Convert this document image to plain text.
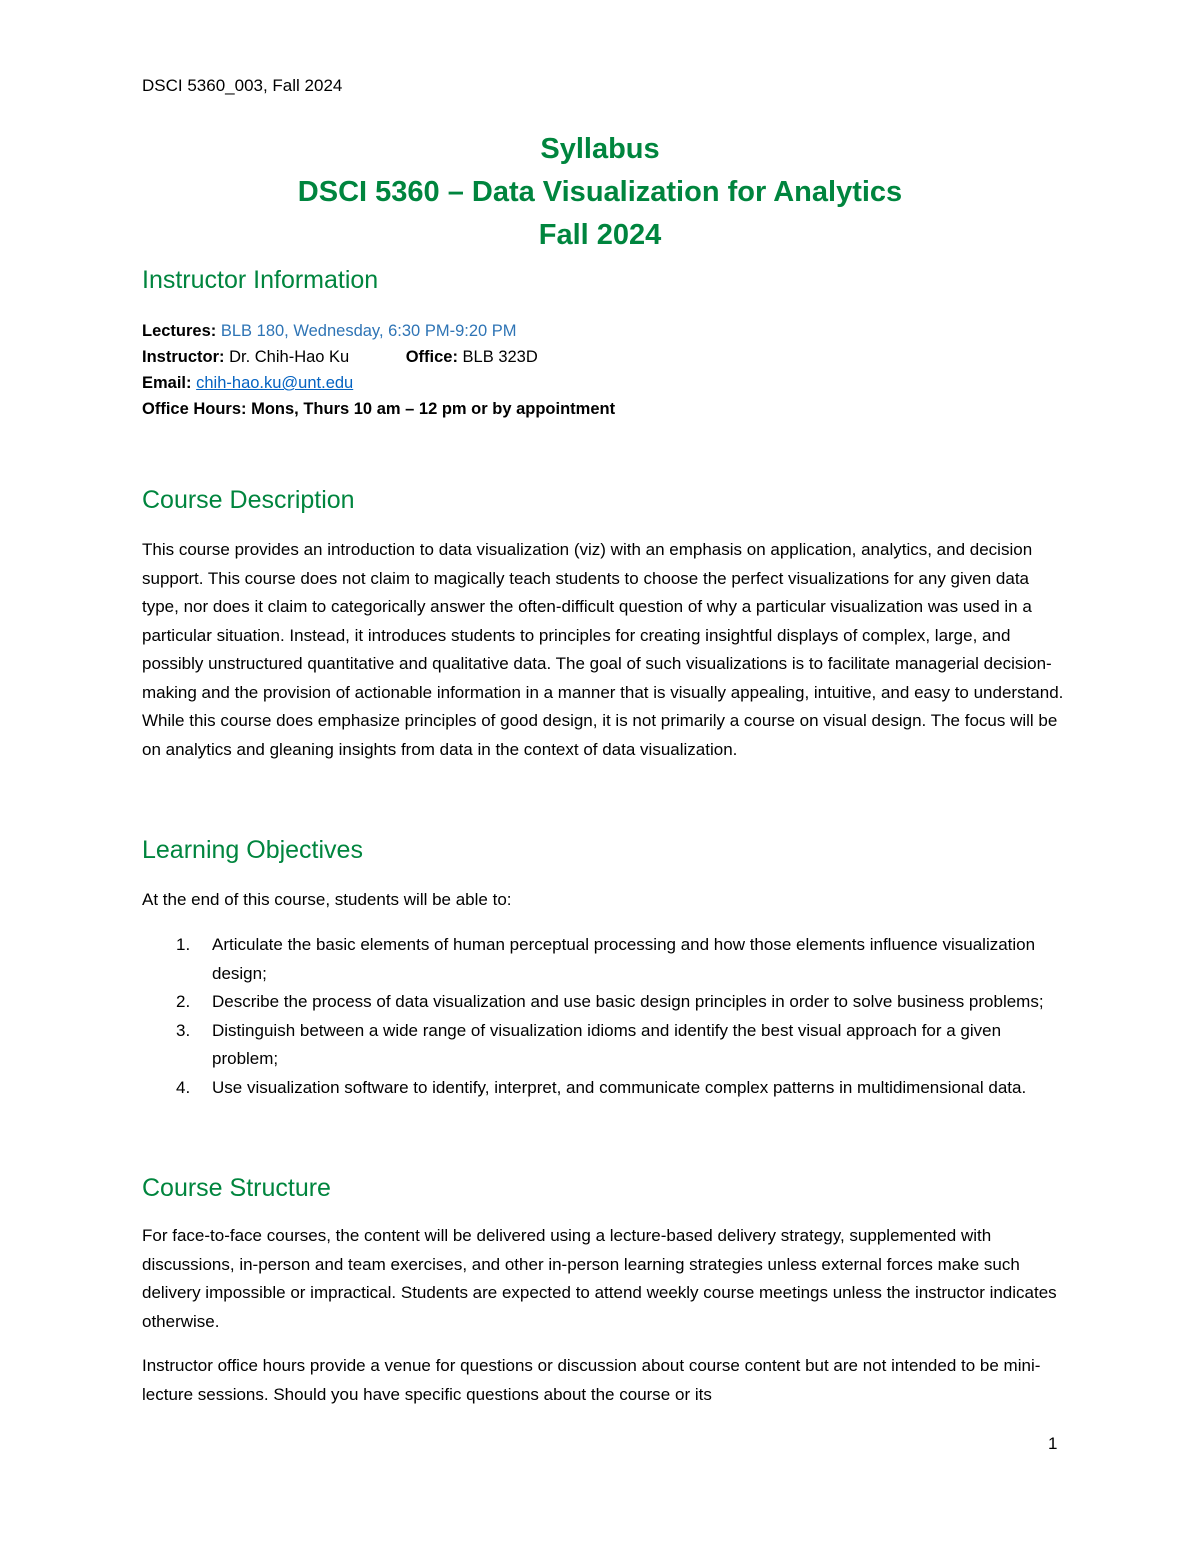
DSCI 5360_003, Fall 2024
Syllabus
DSCI 5360 – Data Visualization for Analytics
Fall 2024
Instructor Information
Lectures: BLB 180, Wednesday, 6:30 PM-9:20 PM
Instructor: Dr. Chih-Hao Ku	Office: BLB 323D
Email: chih-hao.ku@unt.edu
Office Hours: Mons, Thurs 10 am – 12 pm or by appointment
Course Description

This course provides an introduction to data visualization (viz) with an emphasis on application, analytics, and decision support. This course does not claim to magically teach students to choose the perfect visualizations for any given data type, nor does it claim to categorically answer the often-difficult question of why a particular visualization was used in a particular situation. Instead, it introduces students to principles for creating insightful displays of complex, large, and possibly unstructured quantitative and qualitative data. The goal of such visualizations is to facilitate managerial decision-making and the provision of actionable information in a manner that is visually appealing, intuitive, and easy to understand. While this course does emphasize principles of good design, it is not primarily a course on visual design. The focus will be on analytics and gleaning insights from data in the context of data visualization.

Learning Objectives

At the end of this course, students will be able to:

1. Articulate the basic elements of human perceptual processing and how those elements influence visualization design;
2. Describe the process of data visualization and use basic design principles in order to solve business problems;
3. Distinguish between a wide range of visualization idioms and identify the best visual approach for a given problem;
4. Use visualization software to identify, interpret, and communicate complex patterns in multidimensional data.
Course Structure

For face-to-face courses, the content will be delivered using a lecture-based delivery strategy, supplemented with discussions, in-person and team exercises, and other in-person learning strategies unless external forces make such delivery impossible or impractical. Students are expected to attend weekly course meetings unless the instructor indicates otherwise.

Instructor office hours provide a venue for questions or discussion about course content but are not intended to be mini-lecture sessions. Should you have specific questions about the course or its

1
